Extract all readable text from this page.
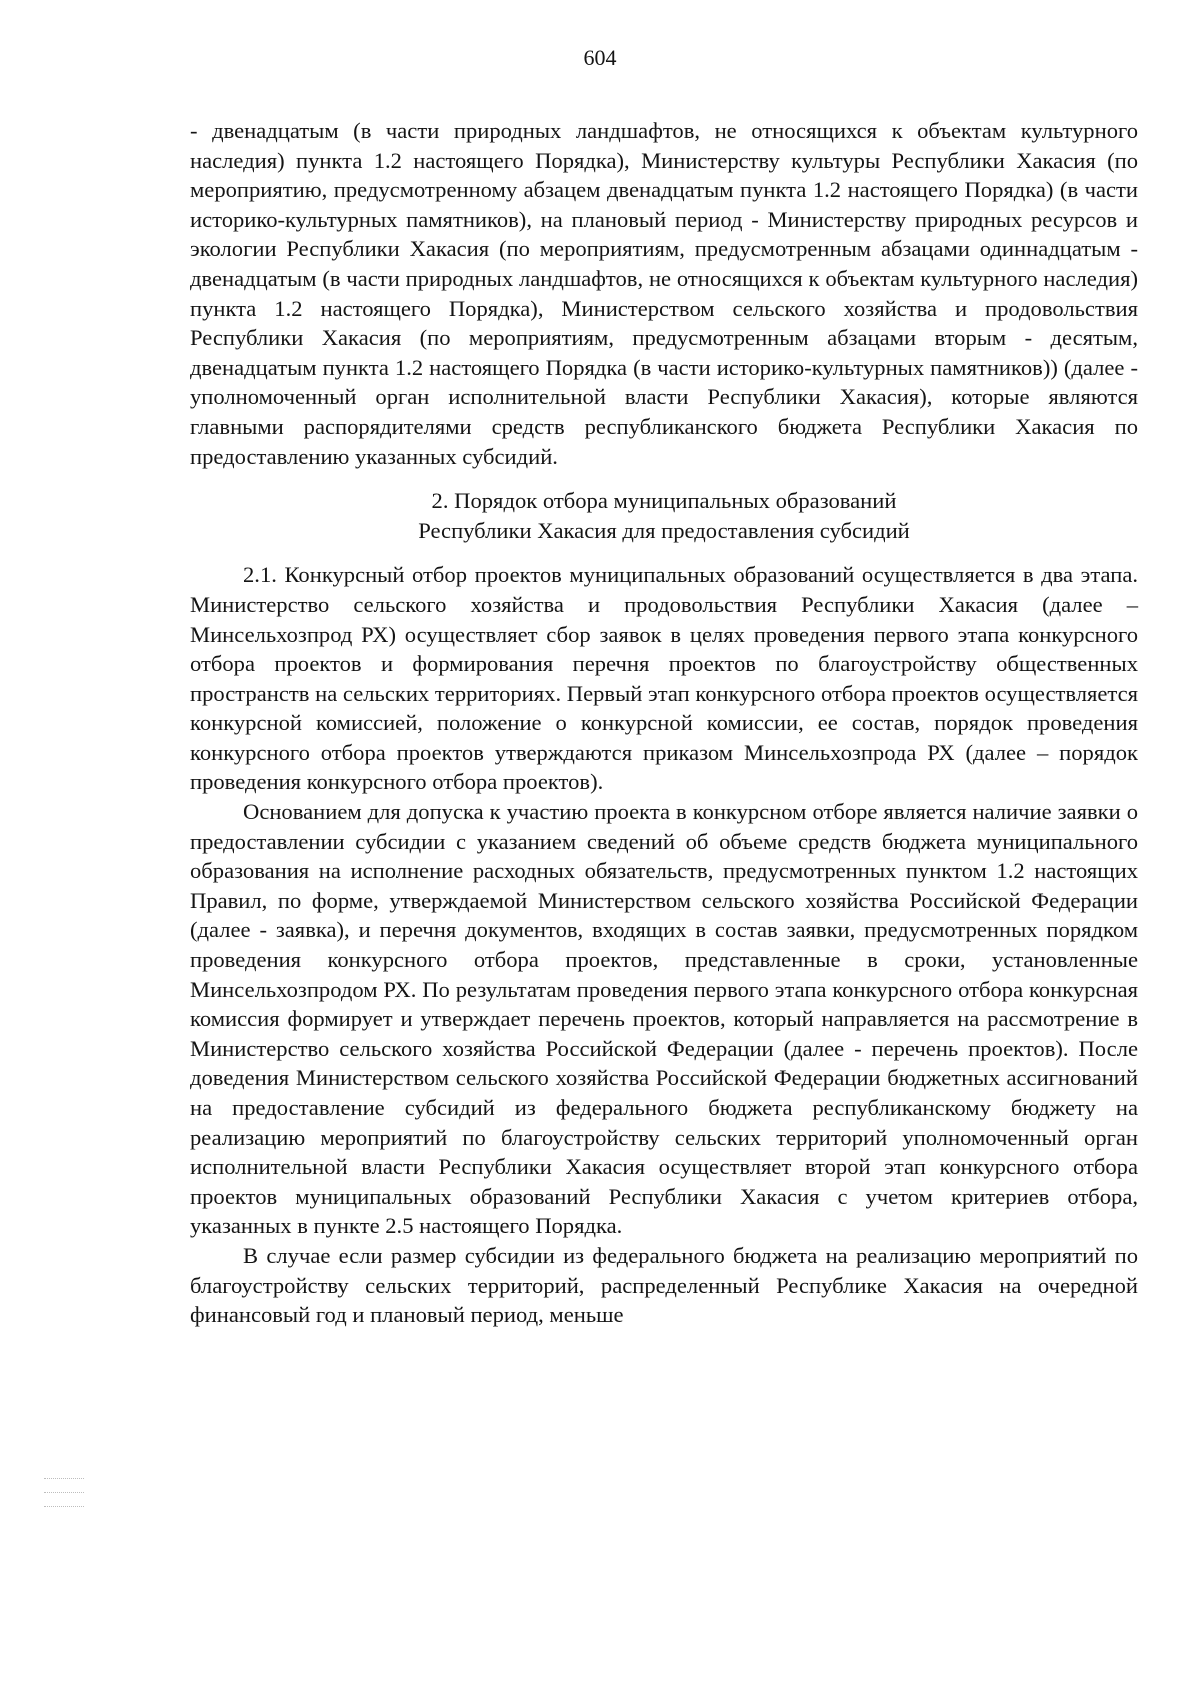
604

- двенадцатым (в части природных ландшафтов, не относящихся к объектам культурного наследия) пункта 1.2 настоящего Порядка), Министерству культуры Республики Хакасия (по мероприятию, предусмотренному абзацем двенадцатым пункта 1.2 настоящего Порядка) (в части историко-культурных памятников), на плановый период - Министерству природных ресурсов и экологии Республики Хакасия (по мероприятиям, предусмотренным абзацами одиннадцатым - двенадцатым (в части природных ландшафтов, не относящихся к объектам культурного наследия) пункта 1.2 настоящего Порядка), Министерством сельского хозяйства и продовольствия Республики Хакасия (по мероприятиям, предусмотренным абзацами вторым - десятым, двенадцатым пункта 1.2 настоящего Порядка (в части историко-культурных памятников)) (далее - уполномоченный орган исполнительной власти Республики Хакасия), которые являются главными распорядителями средств республиканского бюджета Республики Хакасия по предоставлению указанных субсидий.

2. Порядок отбора муниципальных образований
Республики Хакасия для предоставления субсидий

2.1. Конкурсный отбор проектов муниципальных образований осуществляется в два этапа. Министерство сельского хозяйства и продовольствия Республики Хакасия (далее – Минсельхозпрод РХ) осуществляет сбор заявок в целях проведения первого этапа конкурсного отбора проектов и формирования перечня проектов по благоустройству общественных пространств на сельских территориях. Первый этап конкурсного отбора проектов осуществляется конкурсной комиссией, положение о конкурсной комиссии, ее состав, порядок проведения конкурсного отбора проектов утверждаются приказом Минсельхозпрода РХ (далее – порядок проведения конкурсного отбора проектов).

Основанием для допуска к участию проекта в конкурсном отборе является наличие заявки о предоставлении субсидии с указанием сведений об объеме средств бюджета муниципального образования на исполнение расходных обязательств, предусмотренных пунктом 1.2 настоящих Правил, по форме, утверждаемой Министерством сельского хозяйства Российской Федерации (далее - заявка), и перечня документов, входящих в состав заявки, предусмотренных порядком проведения конкурсного отбора проектов, представленные в сроки, установленные Минсельхозпродом РХ. По результатам проведения первого этапа конкурсного отбора конкурсная комиссия формирует и утверждает перечень проектов, который направляется на рассмотрение в Министерство сельского хозяйства Российской Федерации (далее - перечень проектов). После доведения Министерством сельского хозяйства Российской Федерации бюджетных ассигнований на предоставление субсидий из федерального бюджета республиканскому бюджету на реализацию мероприятий по благоустройству сельских территорий уполномоченный орган исполнительной власти Республики Хакасия осуществляет второй этап конкурсного отбора проектов муниципальных образований Республики Хакасия с учетом критериев отбора, указанных в пункте 2.5 настоящего Порядка.

В случае если размер субсидии из федерального бюджета на реализацию мероприятий по благоустройству сельских территорий, распределенный Республике Хакасия на очередной финансовый год и плановый период, меньше
